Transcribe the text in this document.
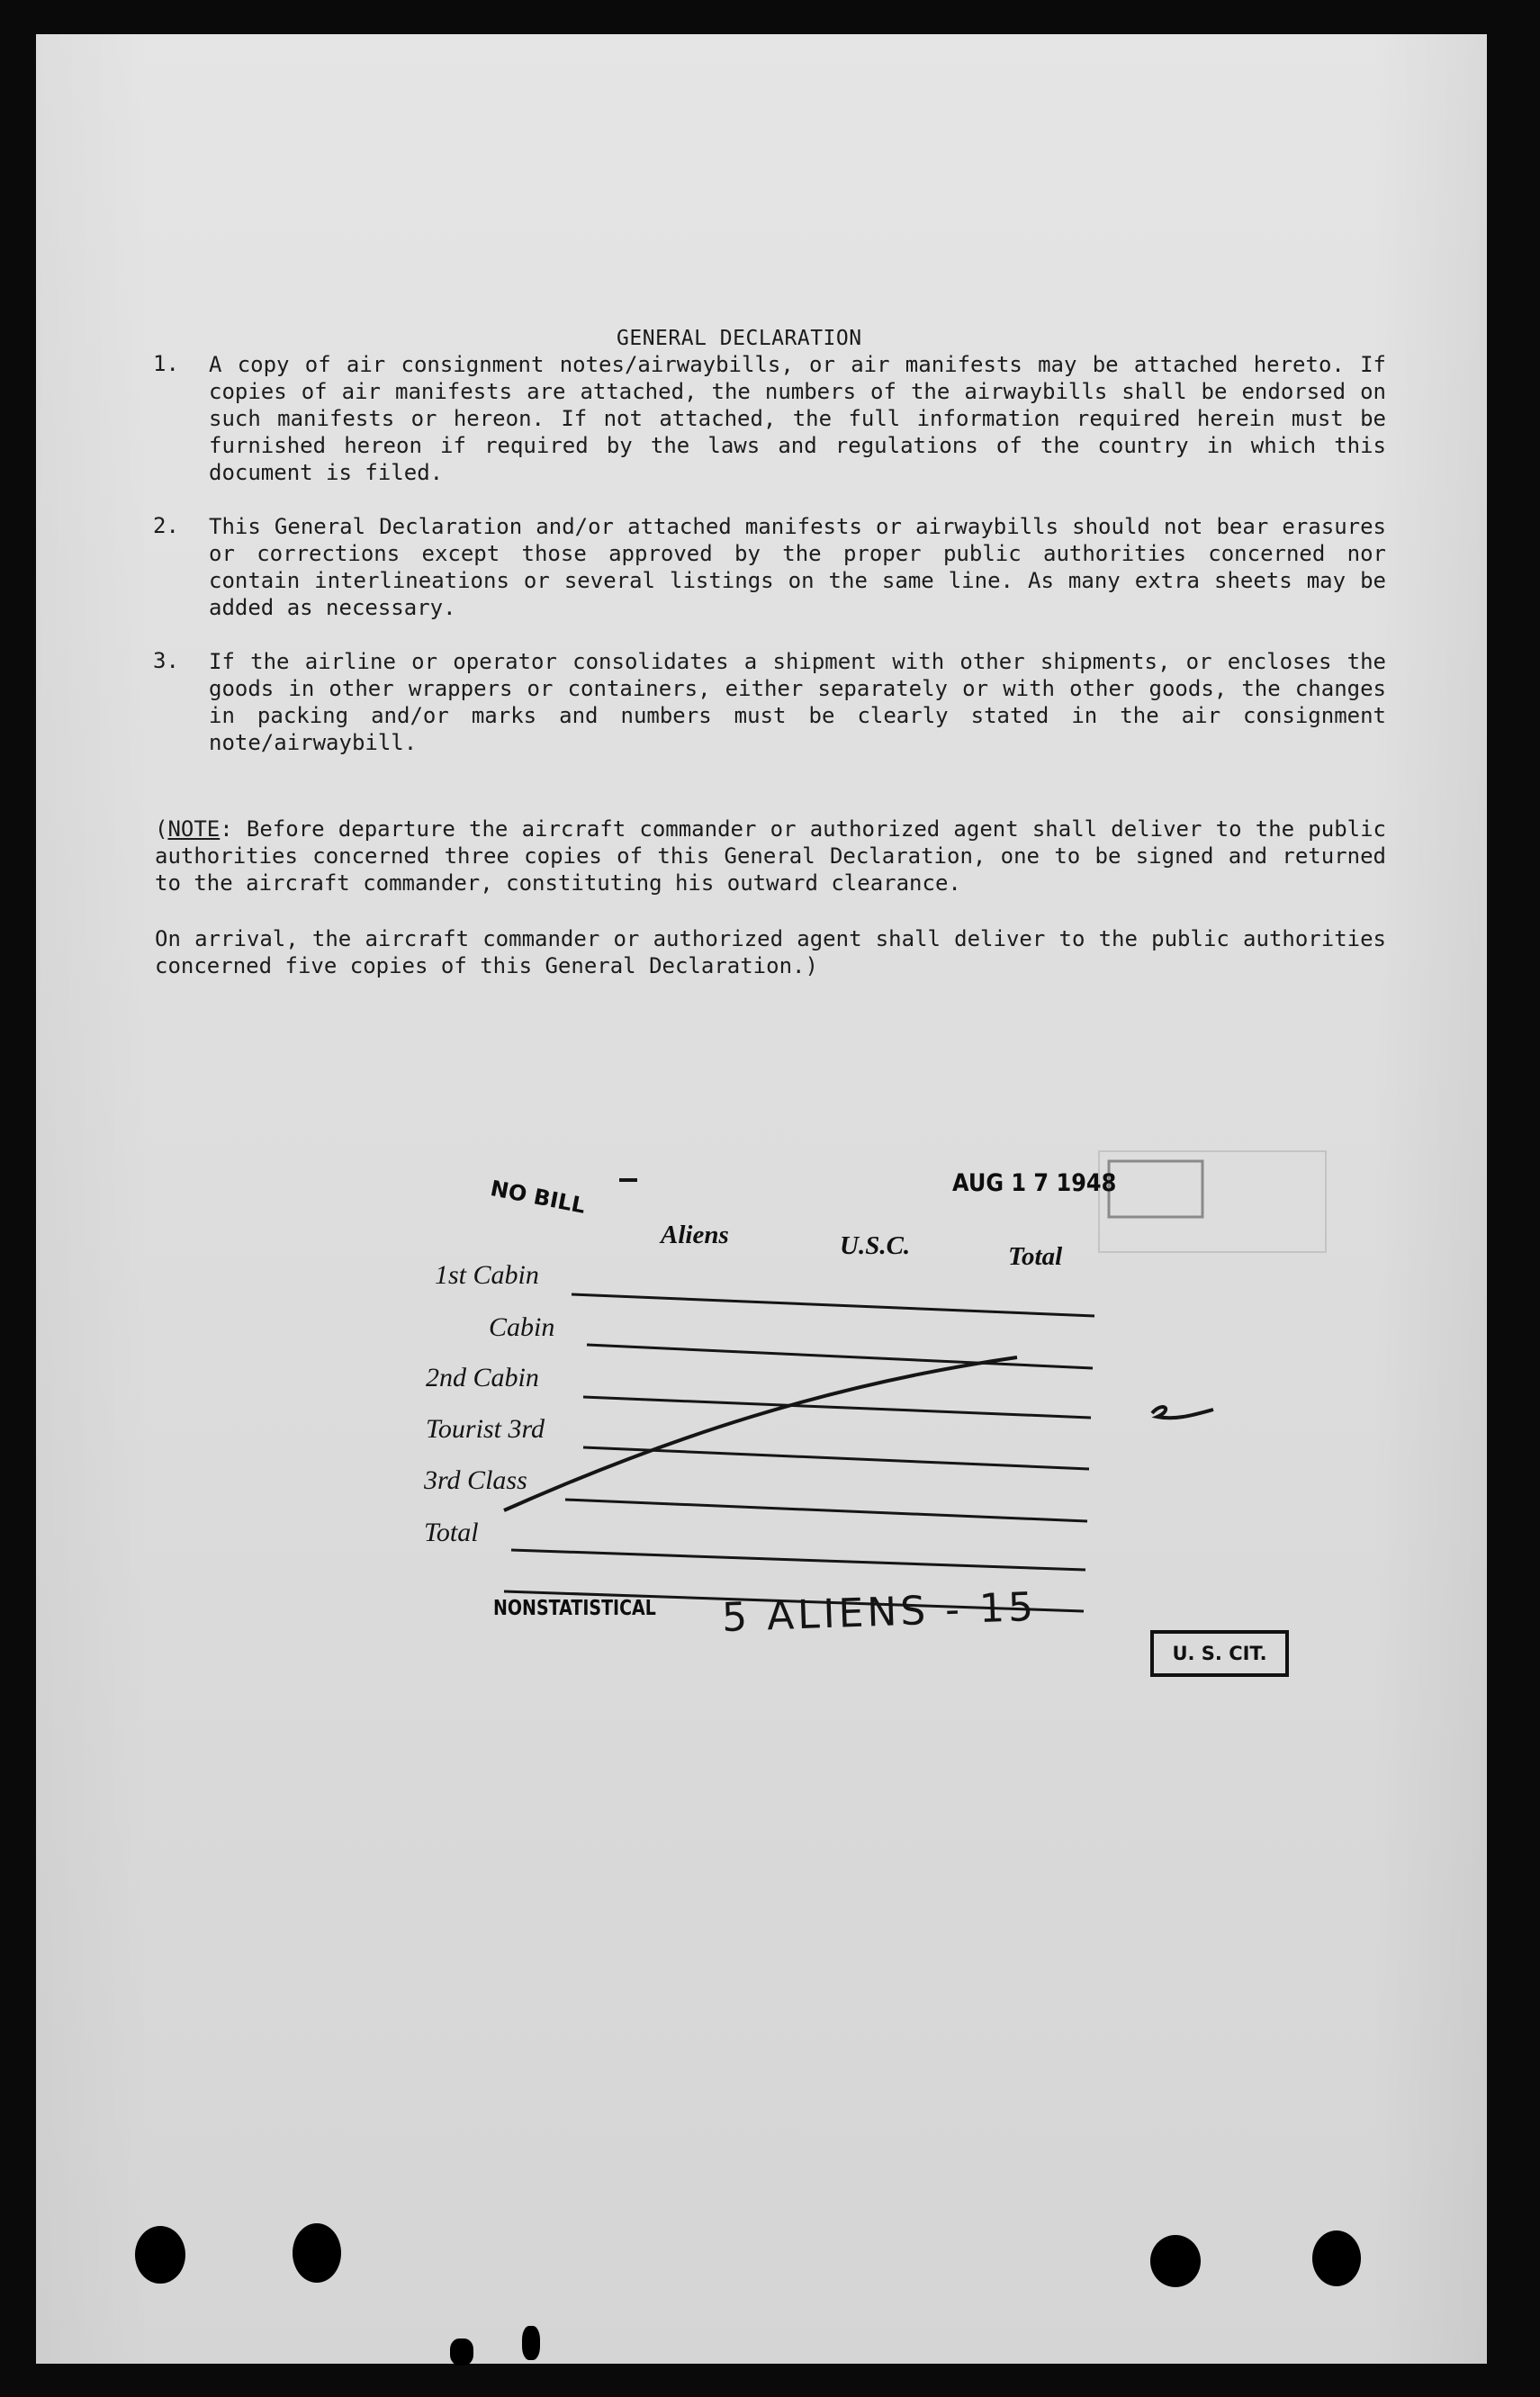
GENERAL DECLARATION
1. A copy of air consignment notes/airwaybills, or air manifests may be attached hereto. If copies of air manifests are attached, the numbers of the airwaybills shall be endorsed on such manifests or hereon. If not attached, the full information required herein must be furnished hereon if required by the laws and regulations of the country in which this document is filed.
2. This General Declaration and/or attached manifests or airwaybills should not bear erasures or corrections except those approved by the proper public authorities concerned nor contain interlineations or several listings on the same line. As many extra sheets may be added as necessary.
3. If the airline or operator consolidates a shipment with other shipments, or encloses the goods in other wrappers or containers, either separately or with other goods, the changes in packing and/or marks and numbers must be clearly stated in the air consignment note/airwaybill.
(NOTE: Before departure the aircraft commander or authorized agent shall deliver to the public authorities concerned three copies of this General Declaration, one to be signed and returned to the aircraft commander, constituting his outward clearance.
On arrival, the aircraft commander or authorized agent shall deliver to the public authorities concerned five copies of this General Declaration.)
NO BILL	AUG 1 7 1948
Aliens	U.S.C.	Total
1st Cabin
Cabin
2nd Cabin
Tourist 3rd
3rd Class
Total
NONSTATISTICAL 5 ALIENS - 15
U. S. CIT.
